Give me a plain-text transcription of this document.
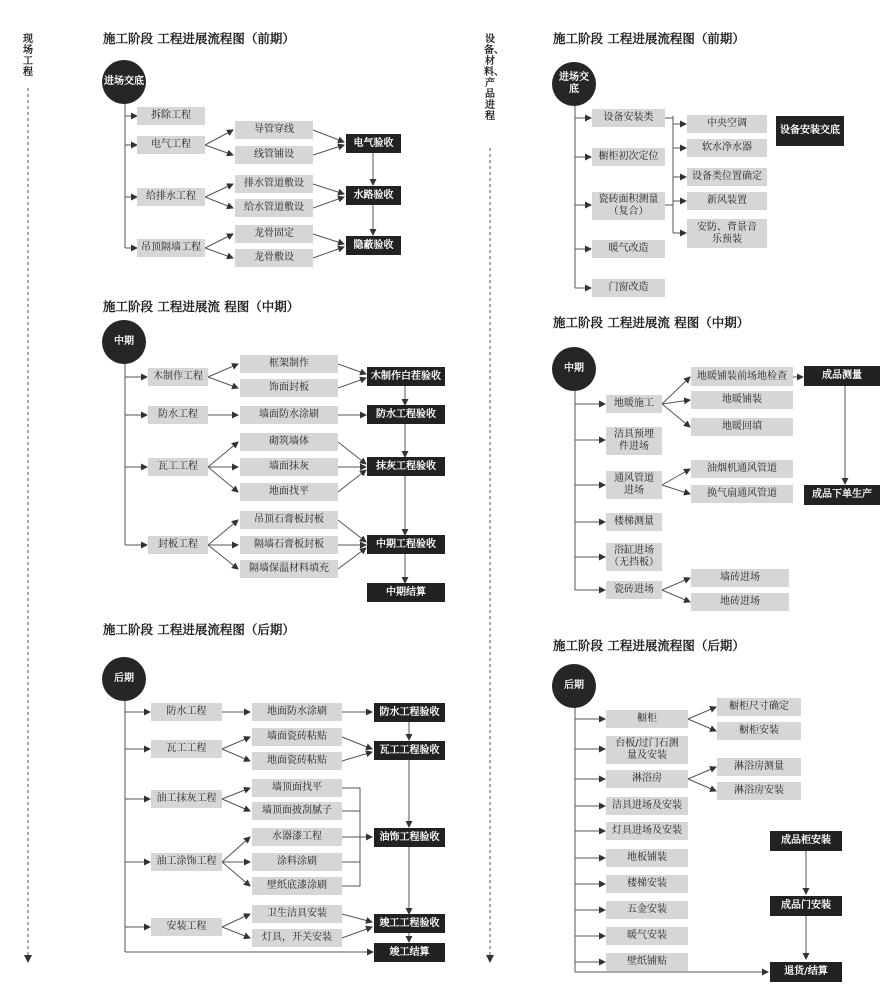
现场工程
设备、材料、产品进程
施工阶段 工程进展流程图（前期）
进场交底
拆除工程
电气工程
给排水工程
吊顶隔墙工程
导管穿线
线管铺设
排水管道敷设
给水管道敷设
龙骨固定
龙骨敷设
电气验收
水路验收
隐蔽验收
施工阶段 工程进展流 程图（中期）
中期
木制作工程
防水工程
瓦工工程
封板工程
框架制作
饰面封板
墙面防水涂刷
砌筑墙体
墙面抹灰
地面找平
吊顶石膏板封板
隔墙石膏板封板
隔墙保温材料填充
木制作白茬验收
防水工程验收
抹灰工程验收
中期工程验收
中期结算
施工阶段 工程进展流程图（后期）
后期
防水工程
瓦工工程
油工抹灰工程
油工涂饰工程
安装工程
地面防水涂刷
墙面瓷砖粘贴
地面瓷砖粘贴
墙顶面找平
墙顶面披刮腻子
水器漆工程
涂料涂刷
壁纸底漆涂刷
卫生洁具安装
灯具，开关安装
防水工程验收
瓦工工程验收
油饰工程验收
竣工工程验收
竣工结算
施工阶段 工程进展流程图（前期）
进场交底
设备安装类
橱柜初次定位
瓷砖面积测量（复合）
暖气改造
门窗改造
中央空调
软水净水器
设备类位置确定
新风装置
安防、背景音乐预装
设备安装交底
施工阶段 工程进展流 程图（中期）
中期
地暖施工
洁具预埋件进场
通风管道进场
楼梯测量
浴缸进场（无挡板）
瓷砖进场
地暖铺装前场地检查
地暖铺装
地暖回填
油烟机通风管道
换气扇通风管道
墙砖进场
地砖进场
成品测量
成品下单生产
施工阶段 工程进展流程图（后期）
后期
橱柜
台板/过门石测量及安装
淋浴房
洁具进场及安装
灯具进场及安装
地板铺装
楼梯安装
五金安装
暖气安装
壁纸铺贴
橱柜尺寸确定
橱柜安装
淋浴房测量
淋浴房安装
成品柜安装
成品门安装
退货/结算
